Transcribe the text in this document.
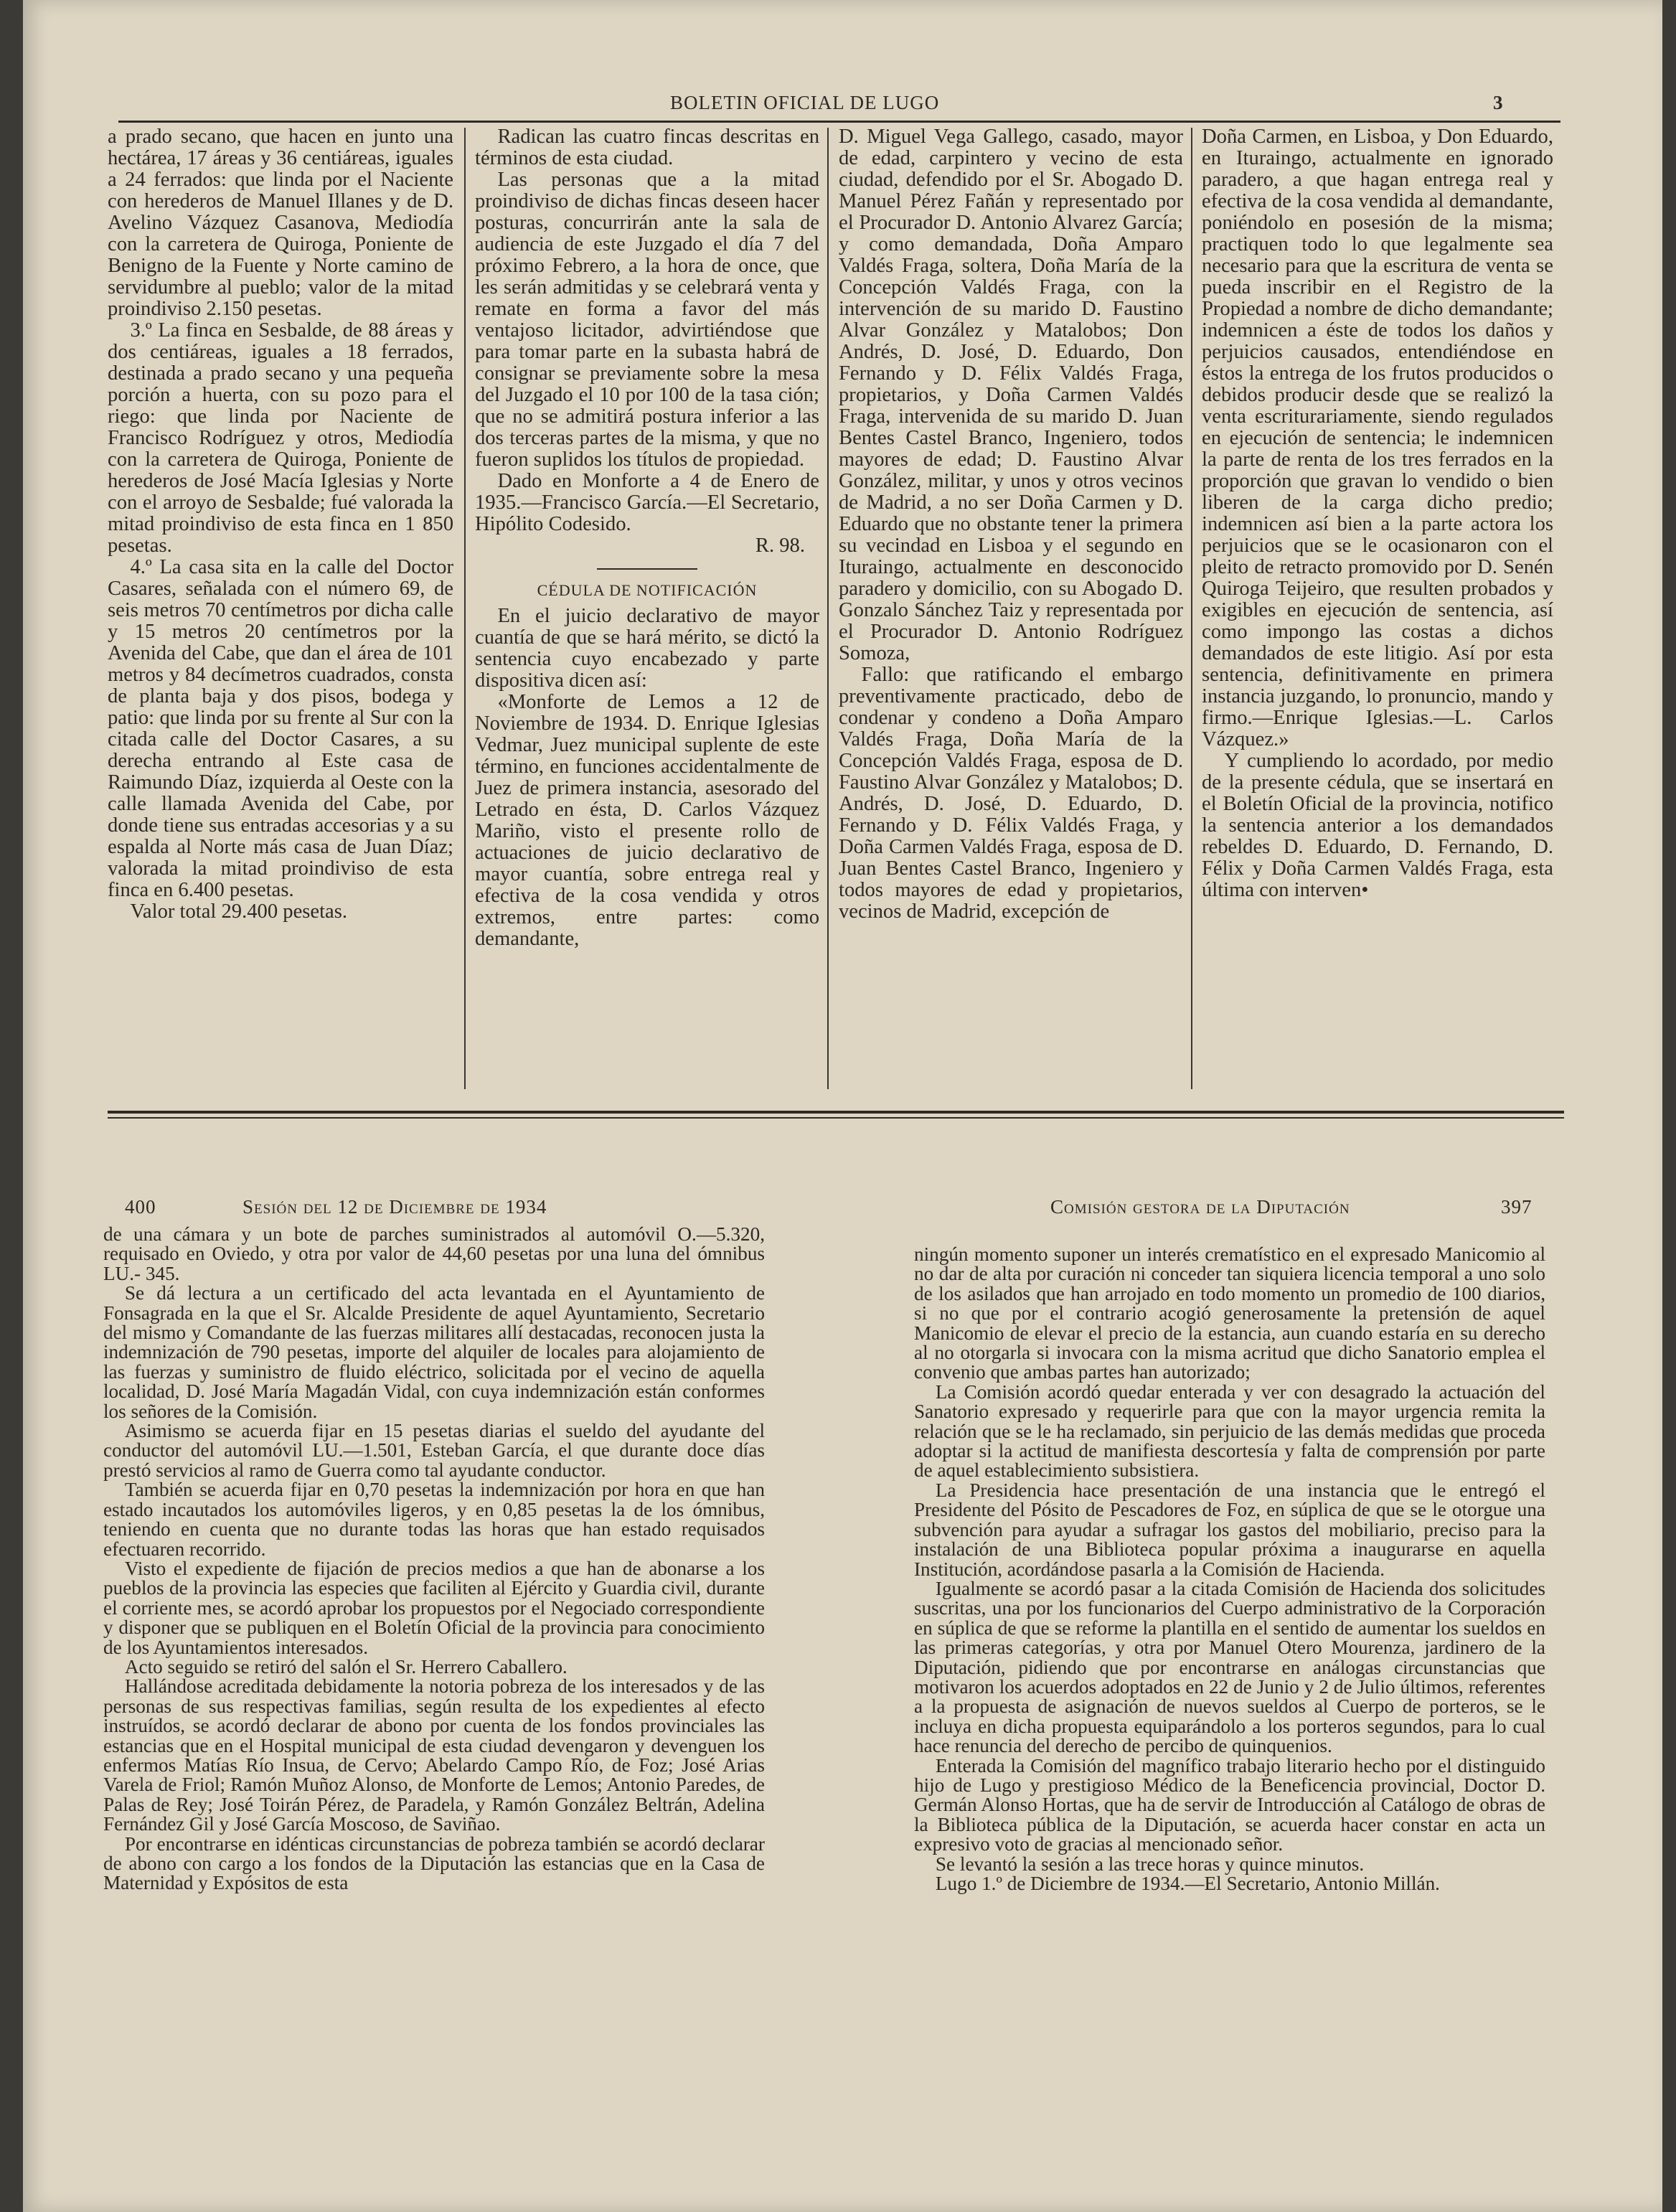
BOLETIN OFICIAL DE LUGO	3

a prado secano, que hacen en junto una hectárea, 17 áreas y 36 centiáreas, iguales a 24 ferrados: que linda por el Naciente con herederos de Manuel Illanes y de D. Avelino Vázquez Casanova, Mediodía con la carretera de Quiroga, Poniente de Benigno de la Fuente y Norte camino de servidumbre al pueblo; valor de la mitad proindiviso 2.150 pesetas.

3.º La finca en Sesbalde, de 88 áreas y dos centiáreas, iguales a 18 ferrados, destinada a prado secano y una pequeña porción a huerta, con su pozo para el riego: que linda por Naciente de Francisco Rodríguez y otros, Mediodía con la carretera de Quiroga, Poniente de herederos de José Macía Iglesias y Norte con el arroyo de Sesbalde; fué valorada la mitad proindiviso de esta finca en 1 850 pesetas.

4.º La casa sita en la calle del Doctor Casares, señalada con el número 69, de seis metros 70 centímetros por dicha calle y 15 metros 20 centímetros por la Avenida del Cabe, que dan el área de 101 metros y 84 decímetros cuadrados, consta de planta baja y dos pisos, bodega y patio: que linda por su frente al Sur con la citada calle del Doctor Casares, a su derecha entrando al Este casa de Raimundo Díaz, izquierda al Oeste con la calle llamada Avenida del Cabe, por donde tiene sus entradas accesorias y a su espalda al Norte más casa de Juan Díaz; valorada la mitad proindiviso de esta finca en 6.400 pesetas.

Valor total 29.400 pesetas.

Radican las cuatro fincas descritas en términos de esta ciudad.

Las personas que a la mitad proindiviso de dichas fincas deseen hacer posturas, concurrirán ante la sala de audiencia de este Juzgado el día 7 del próximo Febrero, a la hora de once, que les serán admitidas y se celebrará venta y remate en forma a favor del más ventajoso licitador, advirtiéndose que para tomar parte en la subasta habrá de consignar se previamente sobre la mesa del Juzgado el 10 por 100 de la tasa ción; que no se admitirá postura inferior a las dos terceras partes de la misma, y que no fueron suplidos los títulos de propiedad.

Dado en Monforte a 4 de Enero de 1935.—Francisco García.—El Secretario, Hipólito Codesido.

R. 98.

CÉDULA DE NOTIFICACIÓN

En el juicio declarativo de mayor cuantía de que se hará mérito, se dictó la sentencia cuyo encabezado y parte dispositiva dicen así:

«Monforte de Lemos a 12 de Noviembre de 1934. D. Enrique Iglesias Vedmar, Juez municipal suplente de este término, en funciones accidentalmente de Juez de primera instancia, asesorado del Letrado en ésta, D. Carlos Vázquez Mariño, visto el presente rollo de actuaciones de juicio declarativo de mayor cuantía, sobre entrega real y efectiva de la cosa vendida y otros extremos, entre partes: como demandante,

D. Miguel Vega Gallego, casado, mayor de edad, carpintero y vecino de esta ciudad, defendido por el Sr. Abogado D. Manuel Pérez Fañán y representado por el Procurador D. Antonio Alvarez García; y como demandada, Doña Amparo Valdés Fraga, soltera, Doña María de la Concepción Valdés Fraga, con la intervención de su marido D. Faustino Alvar González y Matalobos; Don Andrés, D. José, D. Eduardo, Don Fernando y D. Félix Valdés Fraga, propietarios, y Doña Carmen Valdés Fraga, intervenida de su marido D. Juan Bentes Castel Branco, Ingeniero, todos mayores de edad; D. Faustino Alvar González, militar, y unos y otros vecinos de Madrid, a no ser Doña Carmen y D. Eduardo que no obstante tener la primera su vecindad en Lisboa y el segundo en Ituraingo, actualmente en desconocido paradero y domicilio, con su Abogado D. Gonzalo Sánchez Taiz y representada por el Procurador D. Antonio Rodríguez Somoza,

Fallo: que ratificando el embargo preventivamente practicado, debo de condenar y condeno a Doña Amparo Valdés Fraga, Doña María de la Concepción Valdés Fraga, esposa de D. Faustino Alvar González y Matalobos; D. Andrés, D. José, D. Eduardo, D. Fernando y D. Félix Valdés Fraga, y Doña Carmen Valdés Fraga, esposa de D. Juan Bentes Castel Branco, Ingeniero y todos mayores de edad y propietarios, vecinos de Madrid, excepción de

Doña Carmen, en Lisboa, y Don Eduardo, en Ituraingo, actualmente en ignorado paradero, a que hagan entrega real y efectiva de la cosa vendida al demandante, poniéndolo en posesión de la misma; practiquen todo lo que legalmente sea necesario para que la escritura de venta se pueda inscribir en el Registro de la Propiedad a nombre de dicho demandante; indemnicen a éste de todos los daños y perjuicios causados, entendiéndose en éstos la entrega de los frutos producidos o debidos producir desde que se realizó la venta escriturariamente, siendo regulados en ejecución de sentencia; le indemnicen la parte de renta de los tres ferrados en la proporción que gravan lo vendido o bien liberen de la carga dicho predio; indemnicen así bien a la parte actora los perjuicios que se le ocasionaron con el pleito de retracto promovido por D. Senén Quiroga Teijeiro, que resulten probados y exigibles en ejecución de sentencia, así como impongo las costas a dichos demandados de este litigio. Así por esta sentencia, definitivamente en primera instancia juzgando, lo pronuncio, mando y firmo.—Enrique Iglesias.—L. Carlos Vázquez.»

Y cumpliendo lo acordado, por medio de la presente cédula, que se insertará en el Boletín Oficial de la provincia, notifico la sentencia anterior a los demandados rebeldes D. Eduardo, D. Fernando, D. Félix y Doña Carmen Valdés Fraga, esta última con interven•

400	Sesión del 12 de Diciembre de 1934	Comisión gestora de la Diputación	397

de una cámara y un bote de parches suministrados al automóvil O.—5.320, requisado en Oviedo, y otra por valor de 44,60 pesetas por una luna del ómnibus LU.- 345.

Se dá lectura a un certificado del acta levantada en el Ayuntamiento de Fonsagrada en la que el Sr. Alcalde Presidente de aquel Ayuntamiento, Secretario del mismo y Comandante de las fuerzas militares allí destacadas, reconocen justa la indemnización de 790 pesetas, importe del alquiler de locales para alojamiento de las fuerzas y suministro de fluido eléctrico, solicitada por el vecino de aquella localidad, D. José María Magadán Vidal, con cuya indemnización están conformes los señores de la Comisión.

Asimismo se acuerda fijar en 15 pesetas diarias el sueldo del ayudante del conductor del automóvil LU.—1.501, Esteban García, el que durante doce días prestó servicios al ramo de Guerra como tal ayudante conductor.

También se acuerda fijar en 0,70 pesetas la indemnización por hora en que han estado incautados los automóviles ligeros, y en 0,85 pesetas la de los ómnibus, teniendo en cuenta que no durante todas las horas que han estado requisados efectuaren recorrido.

Visto el expediente de fijación de precios medios a que han de abonarse a los pueblos de la provincia las especies que faciliten al Ejército y Guardia civil, durante el corriente mes, se acordó aprobar los propuestos por el Negociado correspondiente y disponer que se publiquen en el Boletín Oficial de la provincia para conocimiento de los Ayuntamientos interesados.

Acto seguido se retiró del salón el Sr. Herrero Caballero.

Hallándose acreditada debidamente la notoria pobreza de los interesados y de las personas de sus respectivas familias, según resulta de los expedientes al efecto instruídos, se acordó declarar de abono por cuenta de los fondos provinciales las estancias que en el Hospital municipal de esta ciudad devengaron y devenguen los enfermos Matías Río Insua, de Cervo; Abelardo Campo Río, de Foz; José Arias Varela de Friol; Ramón Muñoz Alonso, de Monforte de Lemos; Antonio Paredes, de Palas de Rey; José Toirán Pérez, de Paradela, y Ramón González Beltrán, Adelina Fernández Gil y José García Moscoso, de Saviñao.

Por encontrarse en idénticas circunstancias de pobreza también se acordó declarar de abono con cargo a los fondos de la Diputación las estancias que en la Casa de Maternidad y Expósitos de esta

ningún momento suponer un interés crematístico en el expresado Manicomio al no dar de alta por curación ni conceder tan siquiera licencia temporal a uno solo de los asilados que han arrojado en todo momento un promedio de 100 diarios, si no que por el contrario acogió generosamente la pretensión de aquel Manicomio de elevar el precio de la estancia, aun cuando estaría en su derecho al no otorgarla si invocara con la misma acritud que dicho Sanatorio emplea el convenio que ambas partes han autorizado;

La Comisión acordó quedar enterada y ver con desagrado la actuación del Sanatorio expresado y requerirle para que con la mayor urgencia remita la relación que se le ha reclamado, sin perjuicio de las demás medidas que proceda adoptar si la actitud de manifiesta descortesía y falta de comprensión por parte de aquel establecimiento subsistiera.

La Presidencia hace presentación de una instancia que le entregó el Presidente del Pósito de Pescadores de Foz, en súplica de que se le otorgue una subvención para ayudar a sufragar los gastos del mobiliario, preciso para la instalación de una Biblioteca popular próxima a inaugurarse en aquella Institución, acordándose pasarla a la Comisión de Hacienda.

Igualmente se acordó pasar a la citada Comisión de Hacienda dos solicitudes suscritas, una por los funcionarios del Cuerpo administrativo de la Corporación en súplica de que se reforme la plantilla en el sentido de aumentar los sueldos en las primeras categorías, y otra por Manuel Otero Mourenza, jardinero de la Diputación, pidiendo que por encontrarse en análogas circunstancias que motivaron los acuerdos adoptados en 22 de Junio y 2 de Julio últimos, referentes a la propuesta de asignación de nuevos sueldos al Cuerpo de porteros, se le incluya en dicha propuesta equiparándolo a los porteros segundos, para lo cual hace renuncia del derecho de percibo de quinquenios.

Enterada la Comisión del magnífico trabajo literario hecho por el distinguido hijo de Lugo y prestigioso Médico de la Beneficencia provincial, Doctor D. Germán Alonso Hortas, que ha de servir de Introducción al Catálogo de obras de la Biblioteca pública de la Diputación, se acuerda hacer constar en acta un expresivo voto de gracias al mencionado señor.

Se levantó la sesión a las trece horas y quince minutos.

Lugo 1.º de Diciembre de 1934.—El Secretario, Antonio Millán.
